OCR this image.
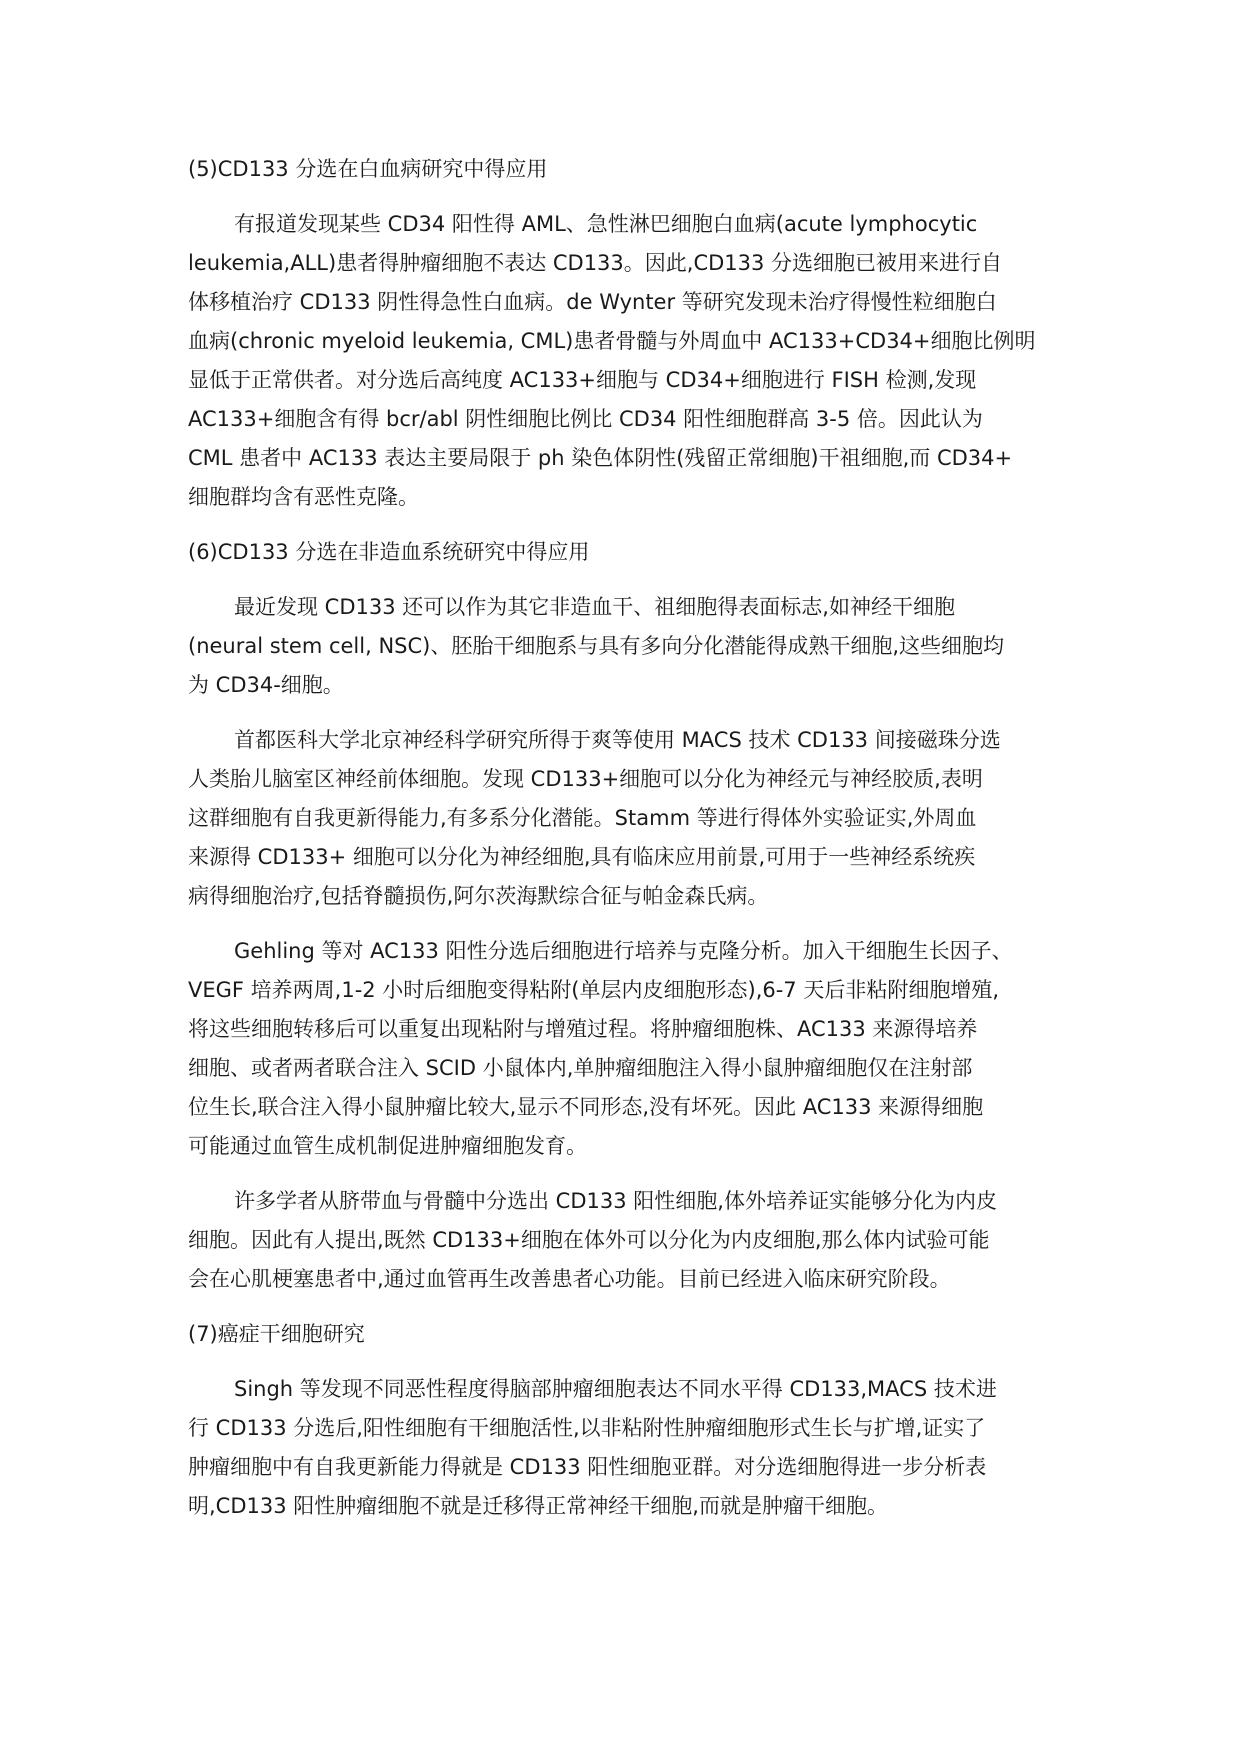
(5)CD133 分选在白血病研究中得应用
有报道发现某些 CD34 阳性得 AML、急性淋巴细胞白血病(acute lymphocytic
leukemia,ALL)患者得肿瘤细胞不表达 CD133。因此,CD133 分选细胞已被用来进行自
体移植治疗 CD133 阴性得急性白血病。de Wynter 等研究发现未治疗得慢性粒细胞白
血病(chronic myeloid leukemia, CML)患者骨髓与外周血中 AC133+CD34+细胞比例明
显低于正常供者。对分选后高纯度 AC133+细胞与 CD34+细胞进行 FISH 检测,发现
AC133+细胞含有得 bcr/abl 阴性细胞比例比 CD34 阳性细胞群高 3-5 倍。因此认为
CML 患者中 AC133 表达主要局限于 ph 染色体阴性(残留正常细胞)干祖细胞,而 CD34+
细胞群均含有恶性克隆。
(6)CD133 分选在非造血系统研究中得应用
最近发现 CD133 还可以作为其它非造血干、祖细胞得表面标志,如神经干细胞
(neural stem cell, NSC)、胚胎干细胞系与具有多向分化潜能得成熟干细胞,这些细胞均
为 CD34-细胞。
首都医科大学北京神经科学研究所得于爽等使用 MACS 技术 CD133 间接磁珠分选
人类胎儿脑室区神经前体细胞。发现 CD133+细胞可以分化为神经元与神经胶质,表明
这群细胞有自我更新得能力,有多系分化潜能。Stamm 等进行得体外实验证实,外周血
来源得 CD133+ 细胞可以分化为神经细胞,具有临床应用前景,可用于一些神经系统疾
病得细胞治疗,包括脊髓损伤,阿尔茨海默综合征与帕金森氏病。
Gehling 等对 AC133 阳性分选后细胞进行培养与克隆分析。加入干细胞生长因子、
VEGF 培养两周,1-2 小时后细胞变得粘附(单层内皮细胞形态),6-7 天后非粘附细胞增殖,
将这些细胞转移后可以重复出现粘附与增殖过程。将肿瘤细胞株、AC133 来源得培养
细胞、或者两者联合注入 SCID 小鼠体内,单肿瘤细胞注入得小鼠肿瘤细胞仅在注射部
位生长,联合注入得小鼠肿瘤比较大,显示不同形态,没有坏死。因此 AC133 来源得细胞
可能通过血管生成机制促进肿瘤细胞发育。
许多学者从脐带血与骨髓中分选出 CD133 阳性细胞,体外培养证实能够分化为内皮
细胞。因此有人提出,既然 CD133+细胞在体外可以分化为内皮细胞,那么体内试验可能
会在心肌梗塞患者中,通过血管再生改善患者心功能。目前已经进入临床研究阶段。
(7)癌症干细胞研究
Singh 等发现不同恶性程度得脑部肿瘤细胞表达不同水平得 CD133,MACS 技术进
行 CD133 分选后,阳性细胞有干细胞活性,以非粘附性肿瘤细胞形式生长与扩增,证实了
肿瘤细胞中有自我更新能力得就是 CD133 阳性细胞亚群。对分选细胞得进一步分析表
明,CD133 阳性肿瘤细胞不就是迁移得正常神经干细胞,而就是肿瘤干细胞。
